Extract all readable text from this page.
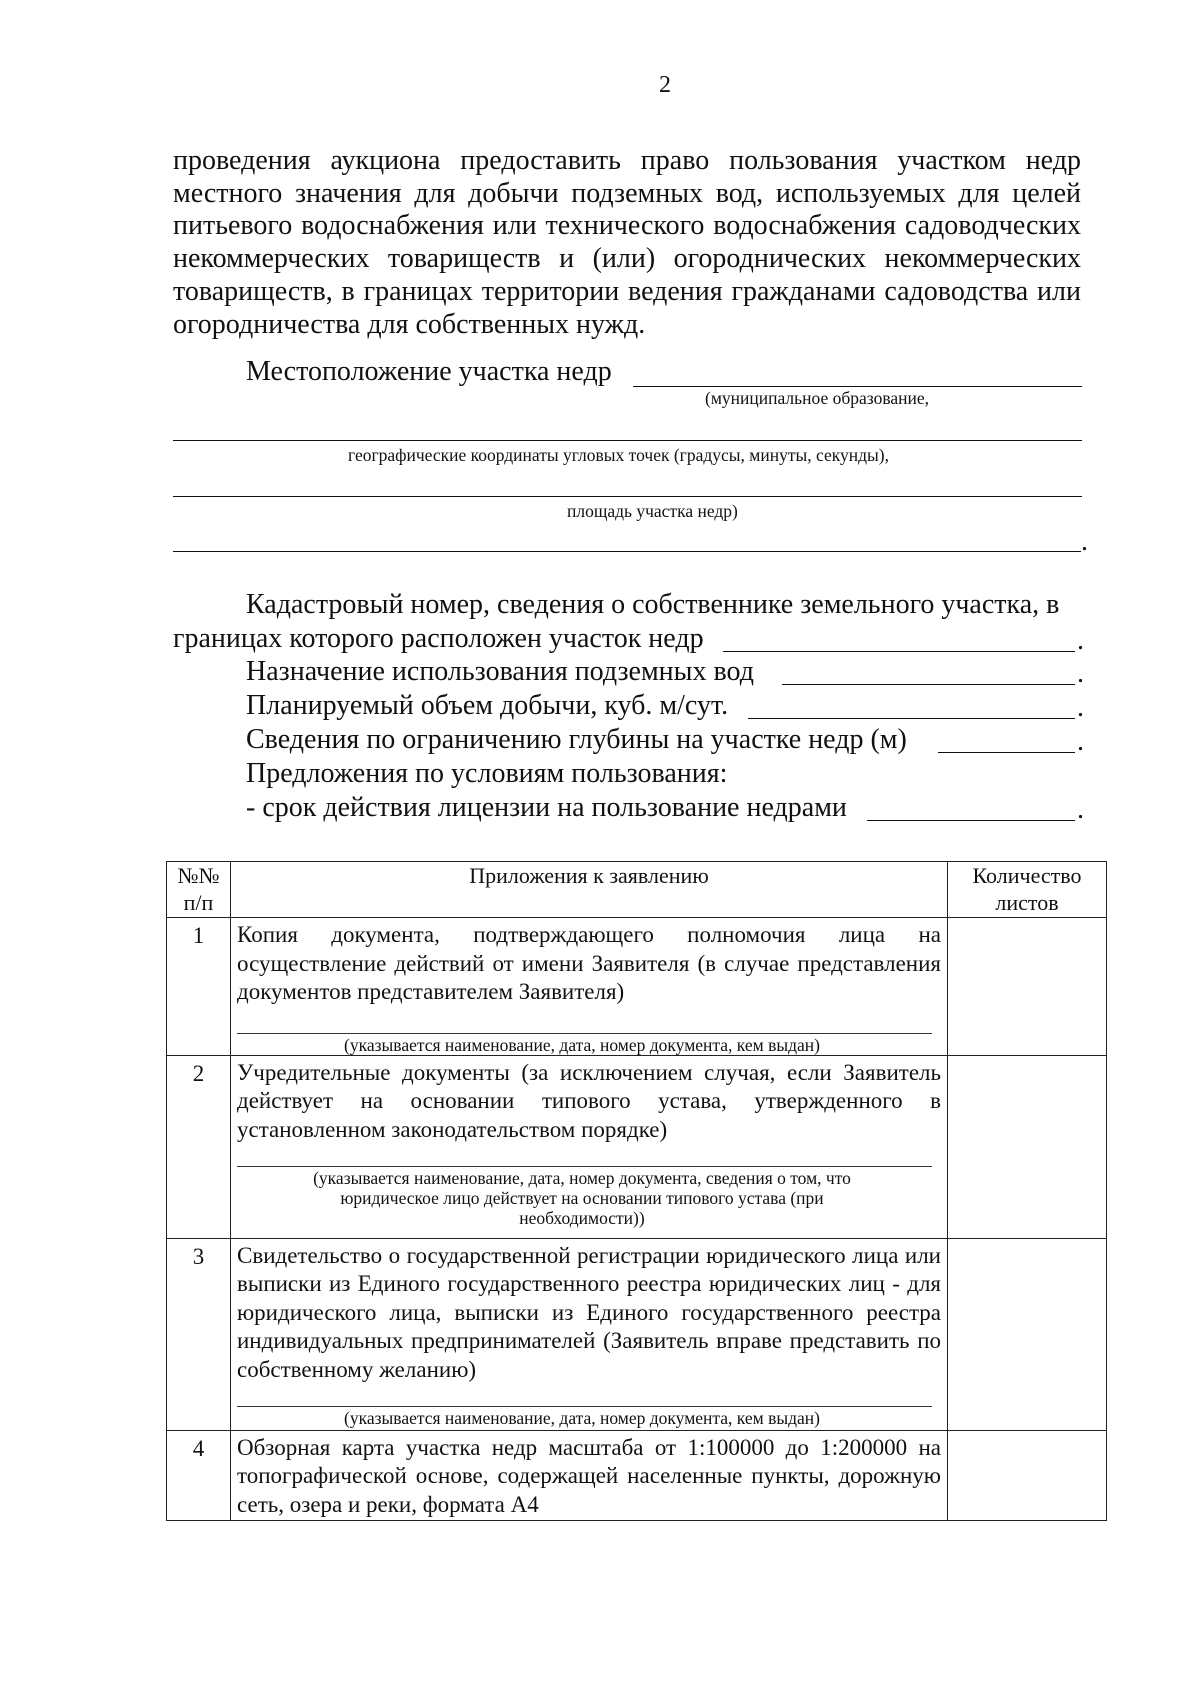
2

проведения аукциона предоставить право пользования участком недр местного значения для добычи подземных вод, используемых для целей питьевого водоснабжения или технического водоснабжения садоводческих некоммерческих товариществ и (или) огороднических некоммерческих товариществ, в границах территории ведения гражданами садоводства или огородничества для собственных нужд.

Местоположение участка недр
(муниципальное образование,
географические координаты угловых точек (градусы, минуты, секунды),
площадь участка недр)
.
Кадастровый номер, сведения о собственнике земельного участка, в
границах которого расположен участок недр	.
Назначение использования подземных вод	.
Планируемый объем добычи, куб. м/сут.	.
Сведения по ограничению глубины на участке недр (м)	.
Предложения по условиям пользования:
- срок действия лицензии на пользование недрами	.
№№ п/п	Приложения к заявлению	Количество листов
1	Копия документа, подтверждающего полномочия лица на осуществление действий от имени Заявителя (в случае представления документов представителем Заявителя)

(указывается наименование, дата, номер документа, кем выдан)	

2	Учредительные документы (за исключением случая, если Заявитель действует на основании типового устава, утвержденного в установленном законодательством порядке)

(указывается наименование, дата, номер документа, сведения о том, что юридическое лицо действует на основании типового устава (при необходимости))	

3	Свидетельство о государственной регистрации юридического лица или выписки из Единого государственного реестра юридических лиц - для юридического лица, выписки из Единого государственного реестра индивидуальных предпринимателей (Заявитель вправе представить по собственному желанию)

(указывается наименование, дата, номер документа, кем выдан)	

4	Обзорная карта участка недр масштаба от 1:100000 до 1:200000 на топографической основе, содержащей населенные пункты, дорожную сеть, озера и реки, формата А4	
